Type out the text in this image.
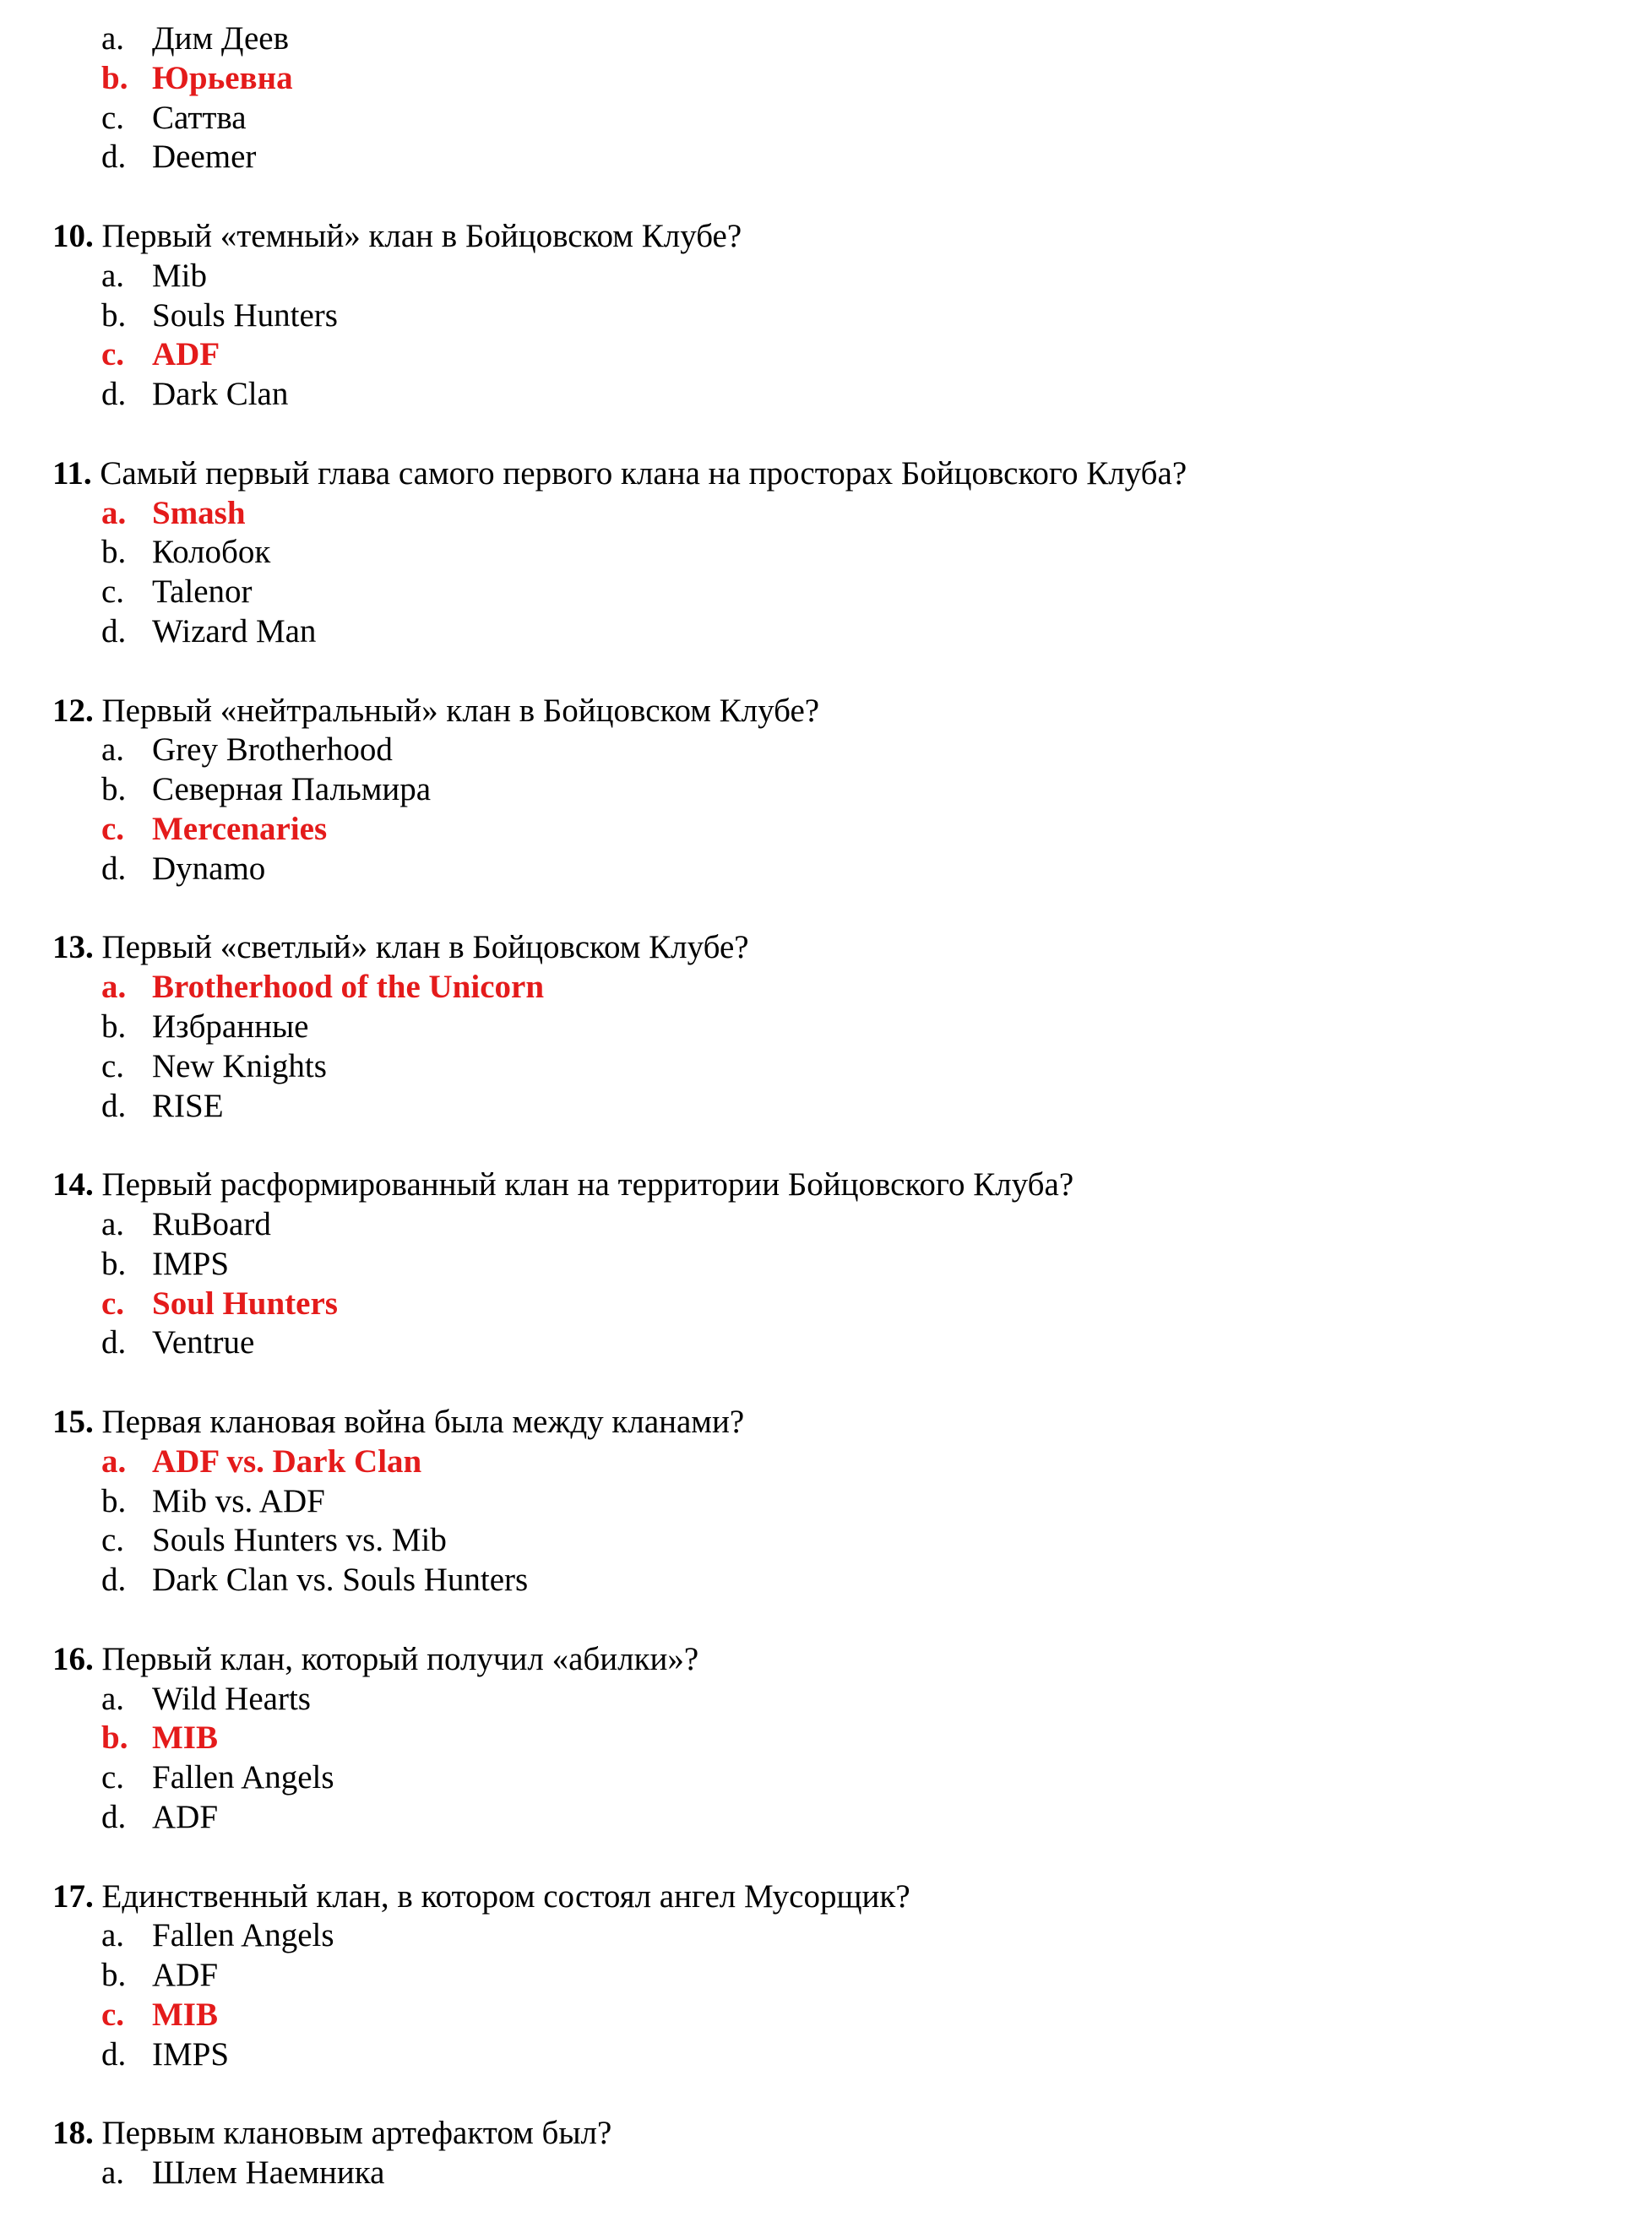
a. Дим Деев
b. Юрьевна
c. Саттва
d. Deemer
10. Первый «темный» клан в Бойцовском Клубе?
a. Mib
b. Souls Hunters
c. ADF
d. Dark Clan
11. Самый первый глава самого первого клана на просторах Бойцовского Клуба?
a. Smash
b. Колобок
c. Talenor
d. Wizard Man
12. Первый «нейтральный» клан в Бойцовском Клубе?
a. Grey Brotherhood
b. Северная Пальмира
c. Mercenaries
d. Dynamo
13. Первый «светлый» клан в Бойцовском Клубе?
a. Brotherhood of the Unicorn
b. Избранные
c. New Knights
d. RISE
14. Первый расформированный клан на территории Бойцовского Клуба?
a. RuBoard
b. IMPS
c. Soul Hunters
d. Ventrue
15. Первая клановая война была между кланами?
a. ADF vs. Dark Clan
b. Mib vs. ADF
c. Souls Hunters vs. Mib
d. Dark Clan vs. Souls Hunters
16. Первый клан, который получил «абилки»?
a. Wild Hearts
b. MIB
c. Fallen Angels
d. ADF
17. Единственный клан, в котором состоял ангел Мусорщик?
a. Fallen Angels
b. ADF
c. MIB
d. IMPS
18. Первым клановым артефактом был?
a. Шлем Наемника
